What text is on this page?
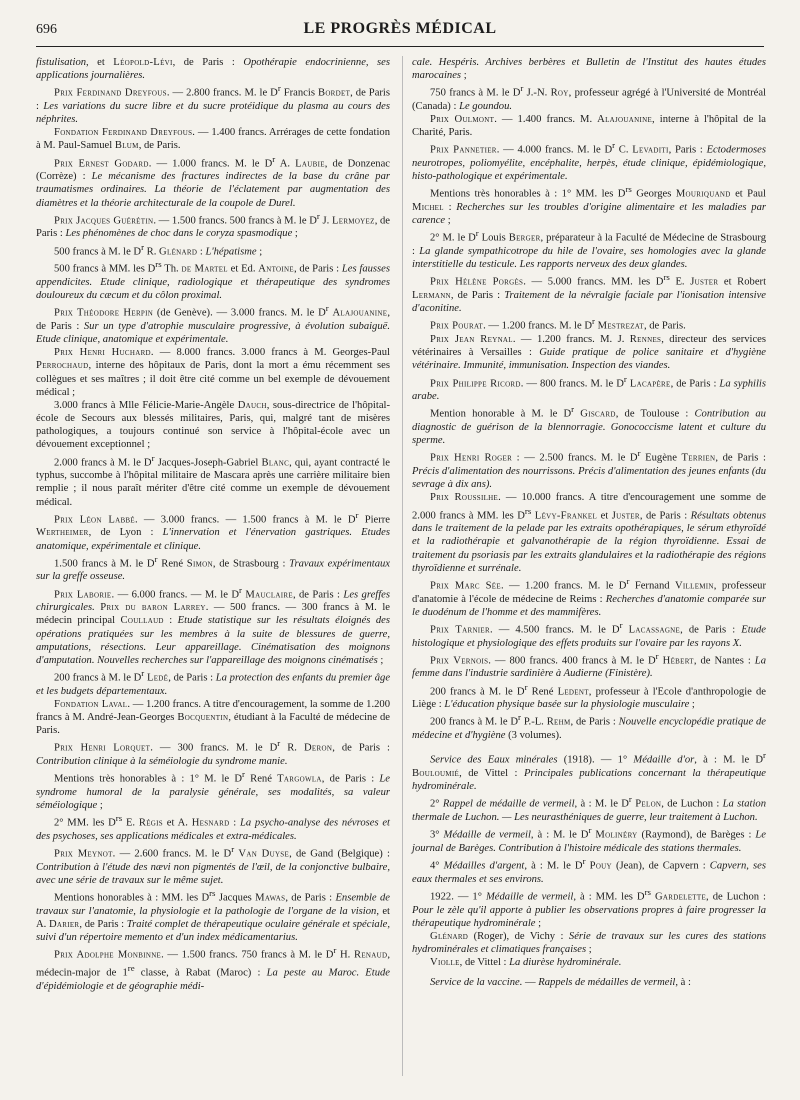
696	LE PROGRÈS MÉDICAL

fistulisation, et Léopold-Lévi, de Paris : Opothérapie endocrinienne, ses applications journalières.

Prix Ferdinand Dreyfous. — 2.800 francs. M. le $D^r$ Francis Bordet, de Paris : Les variations du sucre libre et du sucre protéidique du plasma au cours des néphrites.

Fondation Ferdinand Dreyfous. — 1.400 francs. Arrérages de cette fondation à M. Paul-Samuel Blum, de Paris.

Prix Ernest Godard. — 1.000 francs. M. le $D^r$ A. Laubie, de Donzenac (Corrèze) : Le mécanisme des fractures indirectes de la base du crâne par traumatismes ordinaires. La théorie de l'éclatement par augmentation des diamètres et la théorie architecturale de la coupole de Durel.

Prix Jacques Guérétin. — 1.500 francs. 500 francs à M. le $D^r$ J. Lermoyez, de Paris : Les phénomènes de choc dans le coryza spasmodique ;

500 francs à M. le $D^r$ R. Glénard : L'hépatisme ;

500 francs à MM. les $D^{rs}$ Th. de Martel et Ed. Antoine, de Paris : Les fausses appendicites. Etude clinique, radiologique et thérapeutique des syndromes douloureux du cæcum et du côlon proximal.

Prix Théodore Herpin (de Genève). — 3.000 francs. M. le $D^r$ Alajouanine, de Paris : Sur un type d'atrophie musculaire progressive, à évolution subaiguë. Etude clinique, anatomique et expérimentale.

Prix Henri Huchard. — 8.000 francs. 3.000 francs à M. Georges-Paul Perrochaud, interne des hôpitaux de Paris, dont la mort a ému récemment ses collègues et ses maîtres ; il doit être cité comme un bel exemple de dévouement médical ;

3.000 francs à Mlle Félicie-Marie-Angèle Dauch, sous-directrice de l'hôpital-école de Secours aux blessés militaires, Paris, qui, malgré tant de misères pathologiques, a toujours continué son service à l'hôpital-école avec un dévouement exceptionnel ;

2.000 francs à M. le $D^r$ Jacques-Joseph-Gabriel Blanc, qui, ayant contracté le typhus, succombe à l'hôpital militaire de Mascara après une carrière militaire bien remplie ; il nous paraît mériter d'être cité comme un exemple de dévouement médical.

Prix Léon Labbé. — 3.000 francs. — 1.500 francs à M. le $D^r$ Pierre Wertheimer, de Lyon : L'innervation et l'énervation gastriques. Etudes anatomique, expérimentale et clinique.

1.500 francs à M. le $D^r$ René Simon, de Strasbourg : Travaux expérimentaux sur la greffe osseuse.

Prix Laborie. — 6.000 francs. — M. le $D^r$ Mauclaire, de Paris : Les greffes chirurgicales. Prix du baron Larrey. — 500 francs. — 300 francs à M. le médecin principal Coullaud : Etude statistique sur les résultats éloignés des opérations pratiquées sur les membres à la suite de blessures de guerre, amputations, résections. Leur appareillage. Cinématisation des moignons d'amputation. Nouvelles recherches sur l'appareillage des moignons cinématisés ;

200 francs à M. le $D^r$ Ledé, de Paris : La protection des enfants du premier âge et les budgets départementaux.

Fondation Laval. — 1.200 francs. A titre d'encouragement, la somme de 1.200 francs à M. André-Jean-Georges Bocquentin, étudiant à la Faculté de médecine de Paris.

Prix Henri Lorquet. — 300 francs. M. le $D^r$ R. Deron, de Paris : Contribution clinique à la séméiologie du syndrome manie.

Mentions très honorables à : 1° M. le $D^r$ René Targowla, de Paris : Le syndrome humoral de la paralysie générale, ses modalités, sa valeur séméiologique ;

2° MM. les $D^{rs}$ E. Régis et A. Hesnard : La psycho-analyse des névroses et des psychoses, ses applications médicales et extra-médicales.

Prix Meynot. — 2.600 francs. M. le $D^r$ Van Duyse, de Gand (Belgique) : Contribution à l'étude des nævi non pigmentés de l'œil, de la conjonctive bulbaire, avec une série de travaux sur le même sujet.

Mentions honorables à : MM. les $D^{rs}$ Jacques Mawas, de Paris : Ensemble de travaux sur l'anatomie, la physiologie et la pathologie de l'organe de la vision, et A. Darier, de Paris : Traité complet de thérapeutique oculaire générale et spéciale, suivi d'un répertoire memento et d'un index médicamentarius.

Prix Adolphe Monbinne. — 1.500 francs. 750 francs à M. le $D^r$ H. Renaud, médecin-major de 1re classe, à Rabat (Maroc) : La peste au Maroc. Etude d'épidémiologie et de géographie médi-

cale. Hespéris. Archives berbères et Bulletin de l'Institut des hautes études marocaines ;

750 francs à M. le $D^r$ J.-N. Roy, professeur agrégé à l'Université de Montréal (Canada) : Le goundou.

Prix Oulmont. — 1.400 francs. M. Alajouanine, interne à l'hôpital de la Charité, Paris.

Prix Pannetier. — 4.000 francs. M. le $D^r$ C. Levaditi, Paris : Ectodermoses neurotropes, poliomyélite, encéphalite, herpès, étude clinique, épidémiologique, histo-pathologique et expérimentale.

Mentions très honorables à : 1° MM. les $D^{rs}$ Georges Mouriquand et Paul Michel : Recherches sur les troubles d'origine alimentaire et les maladies par carence ;

2° M. le $D^r$ Louis Berger, préparateur à la Faculté de Médecine de Strasbourg : La glande sympathicotrope du hile de l'ovaire, ses homologies avec la glande interstitielle du testicule. Les rapports nerveux des deux glandes.

Prix Hélène Porgès. — 5.000 francs. MM. les $D^{rs}$ E. Juster et Robert Lermann, de Paris : Traitement de la névralgie faciale par l'ionisation intensive d'aconitine.

Prix Pourat. — 1.200 francs. M. le $D^r$ Mestrezat, de Paris.

Prix Jean Reynal. — 1.200 francs. M. J. Rennes, directeur des services vétérinaires à Versailles : Guide pratique de police sanitaire et d'hygiène vétérinaire. Immunité, immunisation. Inspection des viandes.

Prix Philippe Ricord. — 800 francs. M. le $D^r$ Lacapère, de Paris : La syphilis arabe.

Mention honorable à M. le $D^r$ Giscard, de Toulouse : Contribution au diagnostic de guérison de la blennorragie. Gonococcisme latent et culture du sperme.

Prix Henri Roger : — 2.500 francs. M. le $D^r$ Eugène Terrien, de Paris : Précis d'alimentation des nourrissons. Précis d'alimentation des jeunes enfants (du sevrage à dix ans).

Prix Roussilhe. — 10.000 francs. A titre d'encouragement une somme de 2.000 francs à MM. les $D^{rs}$ Lévy-Frankel et Juster, de Paris : Résultats obtenus dans le traitement de la pelade par les extraits opothérapiques, le sérum ethyroïdé et la radiothérapie et galvanothérapie de la région thyroïdienne. Essai de traitement du psoriasis par les extraits glandulaires et la radiothérapie des régions thyroïdienne et surrénale.

Prix Marc Sée. — 1.200 francs. M. le $D^r$ Fernand Villemin, professeur d'anatomie à l'école de médecine de Reims : Recherches d'anatomie comparée sur le duodénum de l'homme et des mammifères.

Prix Tarnier. — 4.500 francs. M. le $D^r$ Lacassagne, de Paris : Etude histologique et physiologique des effets produits sur l'ovaire par les rayons X.

Prix Vernois. — 800 francs. 400 francs à M. le $D^r$ Hébert, de Nantes : La femme dans l'industrie sardinière à Audierne (Finistère).

200 francs à M. le $D^r$ René Ledent, professeur à l'Ecole d'anthropologie de Liège : L'éducation physique basée sur la physiologie musculaire ;

200 francs à M. le $D^r$ P.-L. Rehm, de Paris : Nouvelle encyclopédie pratique de médecine et d'hygiène (3 volumes).

Service des Eaux minérales (1918). — 1° Médaille d'or, à : M. le $D^r$ Bouloumié, de Vittel : Principales publications concernant la thérapeutique hydrominérale.

2° Rappel de médaille de vermeil, à : M. le $D^r$ Pelon, de Luchon : La station thermale de Luchon. — Les neurasthéniques de guerre, leur traitement à Luchon.

3° Médaille de vermeil, à : M. le $D^r$ Molinéry (Raymond), de Barèges : Le journal de Barèges. Contribution à l'histoire médicale des stations thermales.

4° Médailles d'argent, à : M. le $D^r$ Pouy (Jean), de Capvern : Capvern, ses eaux thermales et ses environs.

1922. — 1° Médaille de vermeil, à : MM. les $D^{rs}$ Gardelette, de Luchon : Pour le zèle qu'il apporte à publier les observations propres à faire progresser la thérapeutique hydrominérale ;

Glénard (Roger), de Vichy : Série de travaux sur les cures des stations hydrominérales et climatiques françaises ;

Violle, de Vittel : La diurèse hydrominérale.

Service de la vaccine. — Rappels de médailles de vermeil, à :
